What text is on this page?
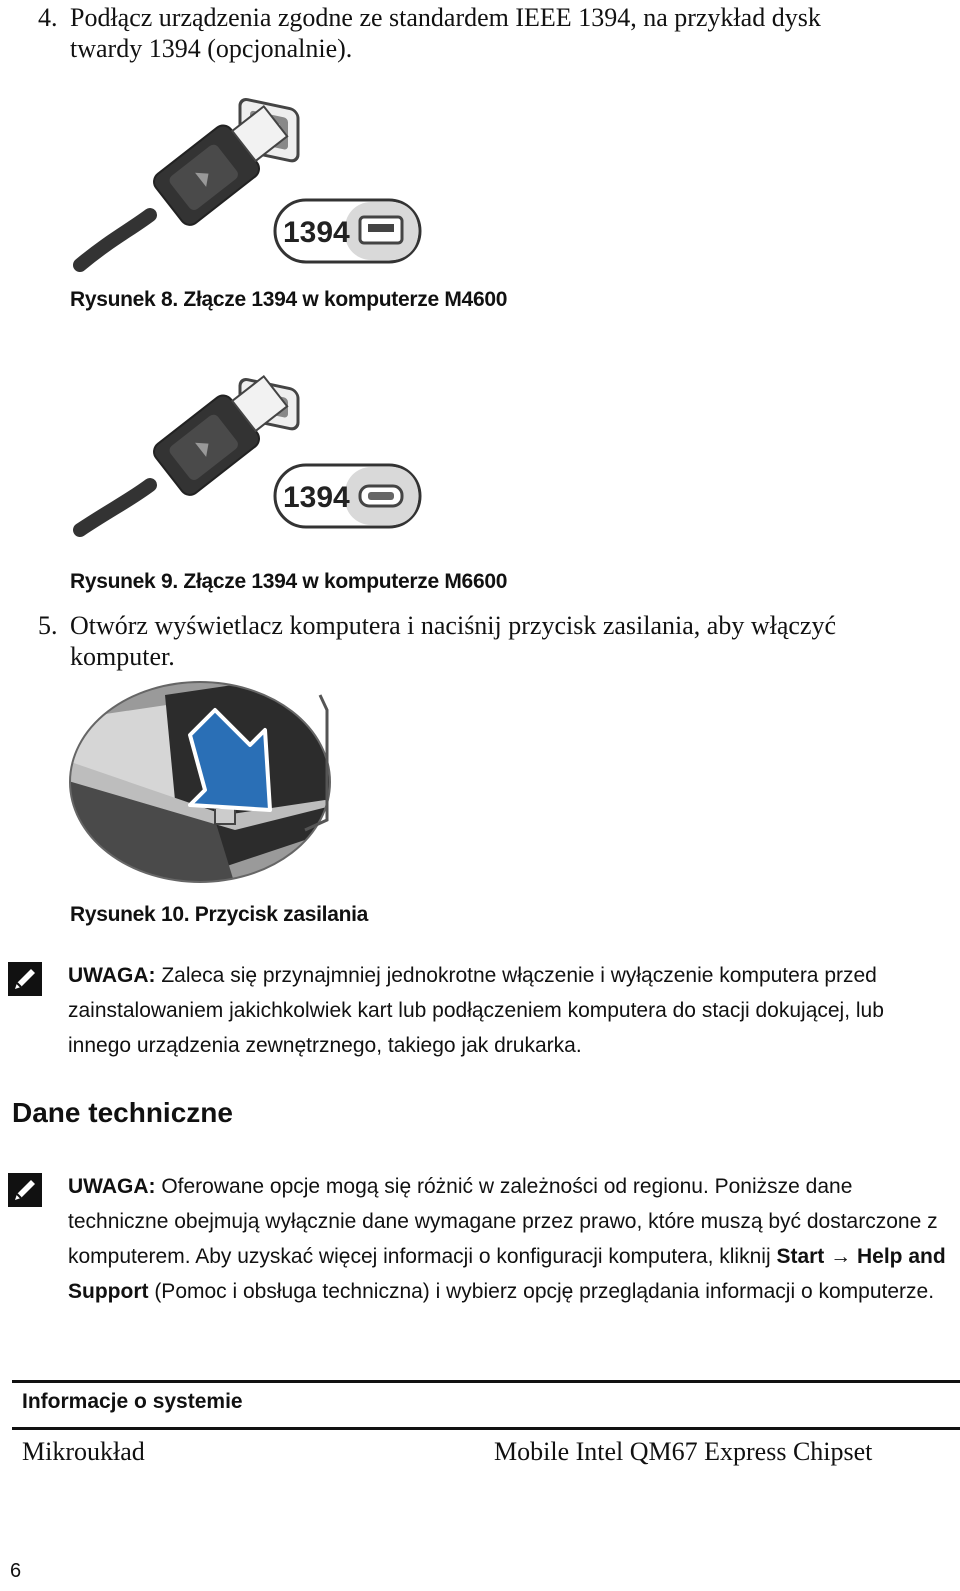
4. Podłącz urządzenia zgodne ze standardem IEEE 1394, na przykład dysk
twardy 1394 (opcjonalnie).
1394
Rysunek 8. Złącze 1394 w komputerze M4600
1394
Rysunek 9. Złącze 1394 w komputerze M6600
5. Otwórz wyświetlacz komputera i naciśnij przycisk zasilania, aby włączyć
komputer.
Rysunek 10. Przycisk zasilania
UWAGA: Zaleca się przynajmniej jednokrotne włączenie i wyłączenie komputera przed zainstalowaniem jakichkolwiek kart lub podłączeniem komputera do stacji dokującej, lub innego urządzenia zewnętrznego, takiego jak drukarka.
Dane techniczne
UWAGA: Oferowane opcje mogą się różnić w zależności od regionu. Poniższe dane techniczne obejmują wyłącznie dane wymagane przez prawo, które muszą być dostarczone z komputerem. Aby uzyskać więcej informacji o konfiguracji komputera, kliknij Start → Help and Support (Pomoc i obsługa techniczna) i wybierz opcję przeglądania informacji o komputerze.
Informacje o systemie
Mikroukład	Mobile Intel QM67 Express Chipset
6
